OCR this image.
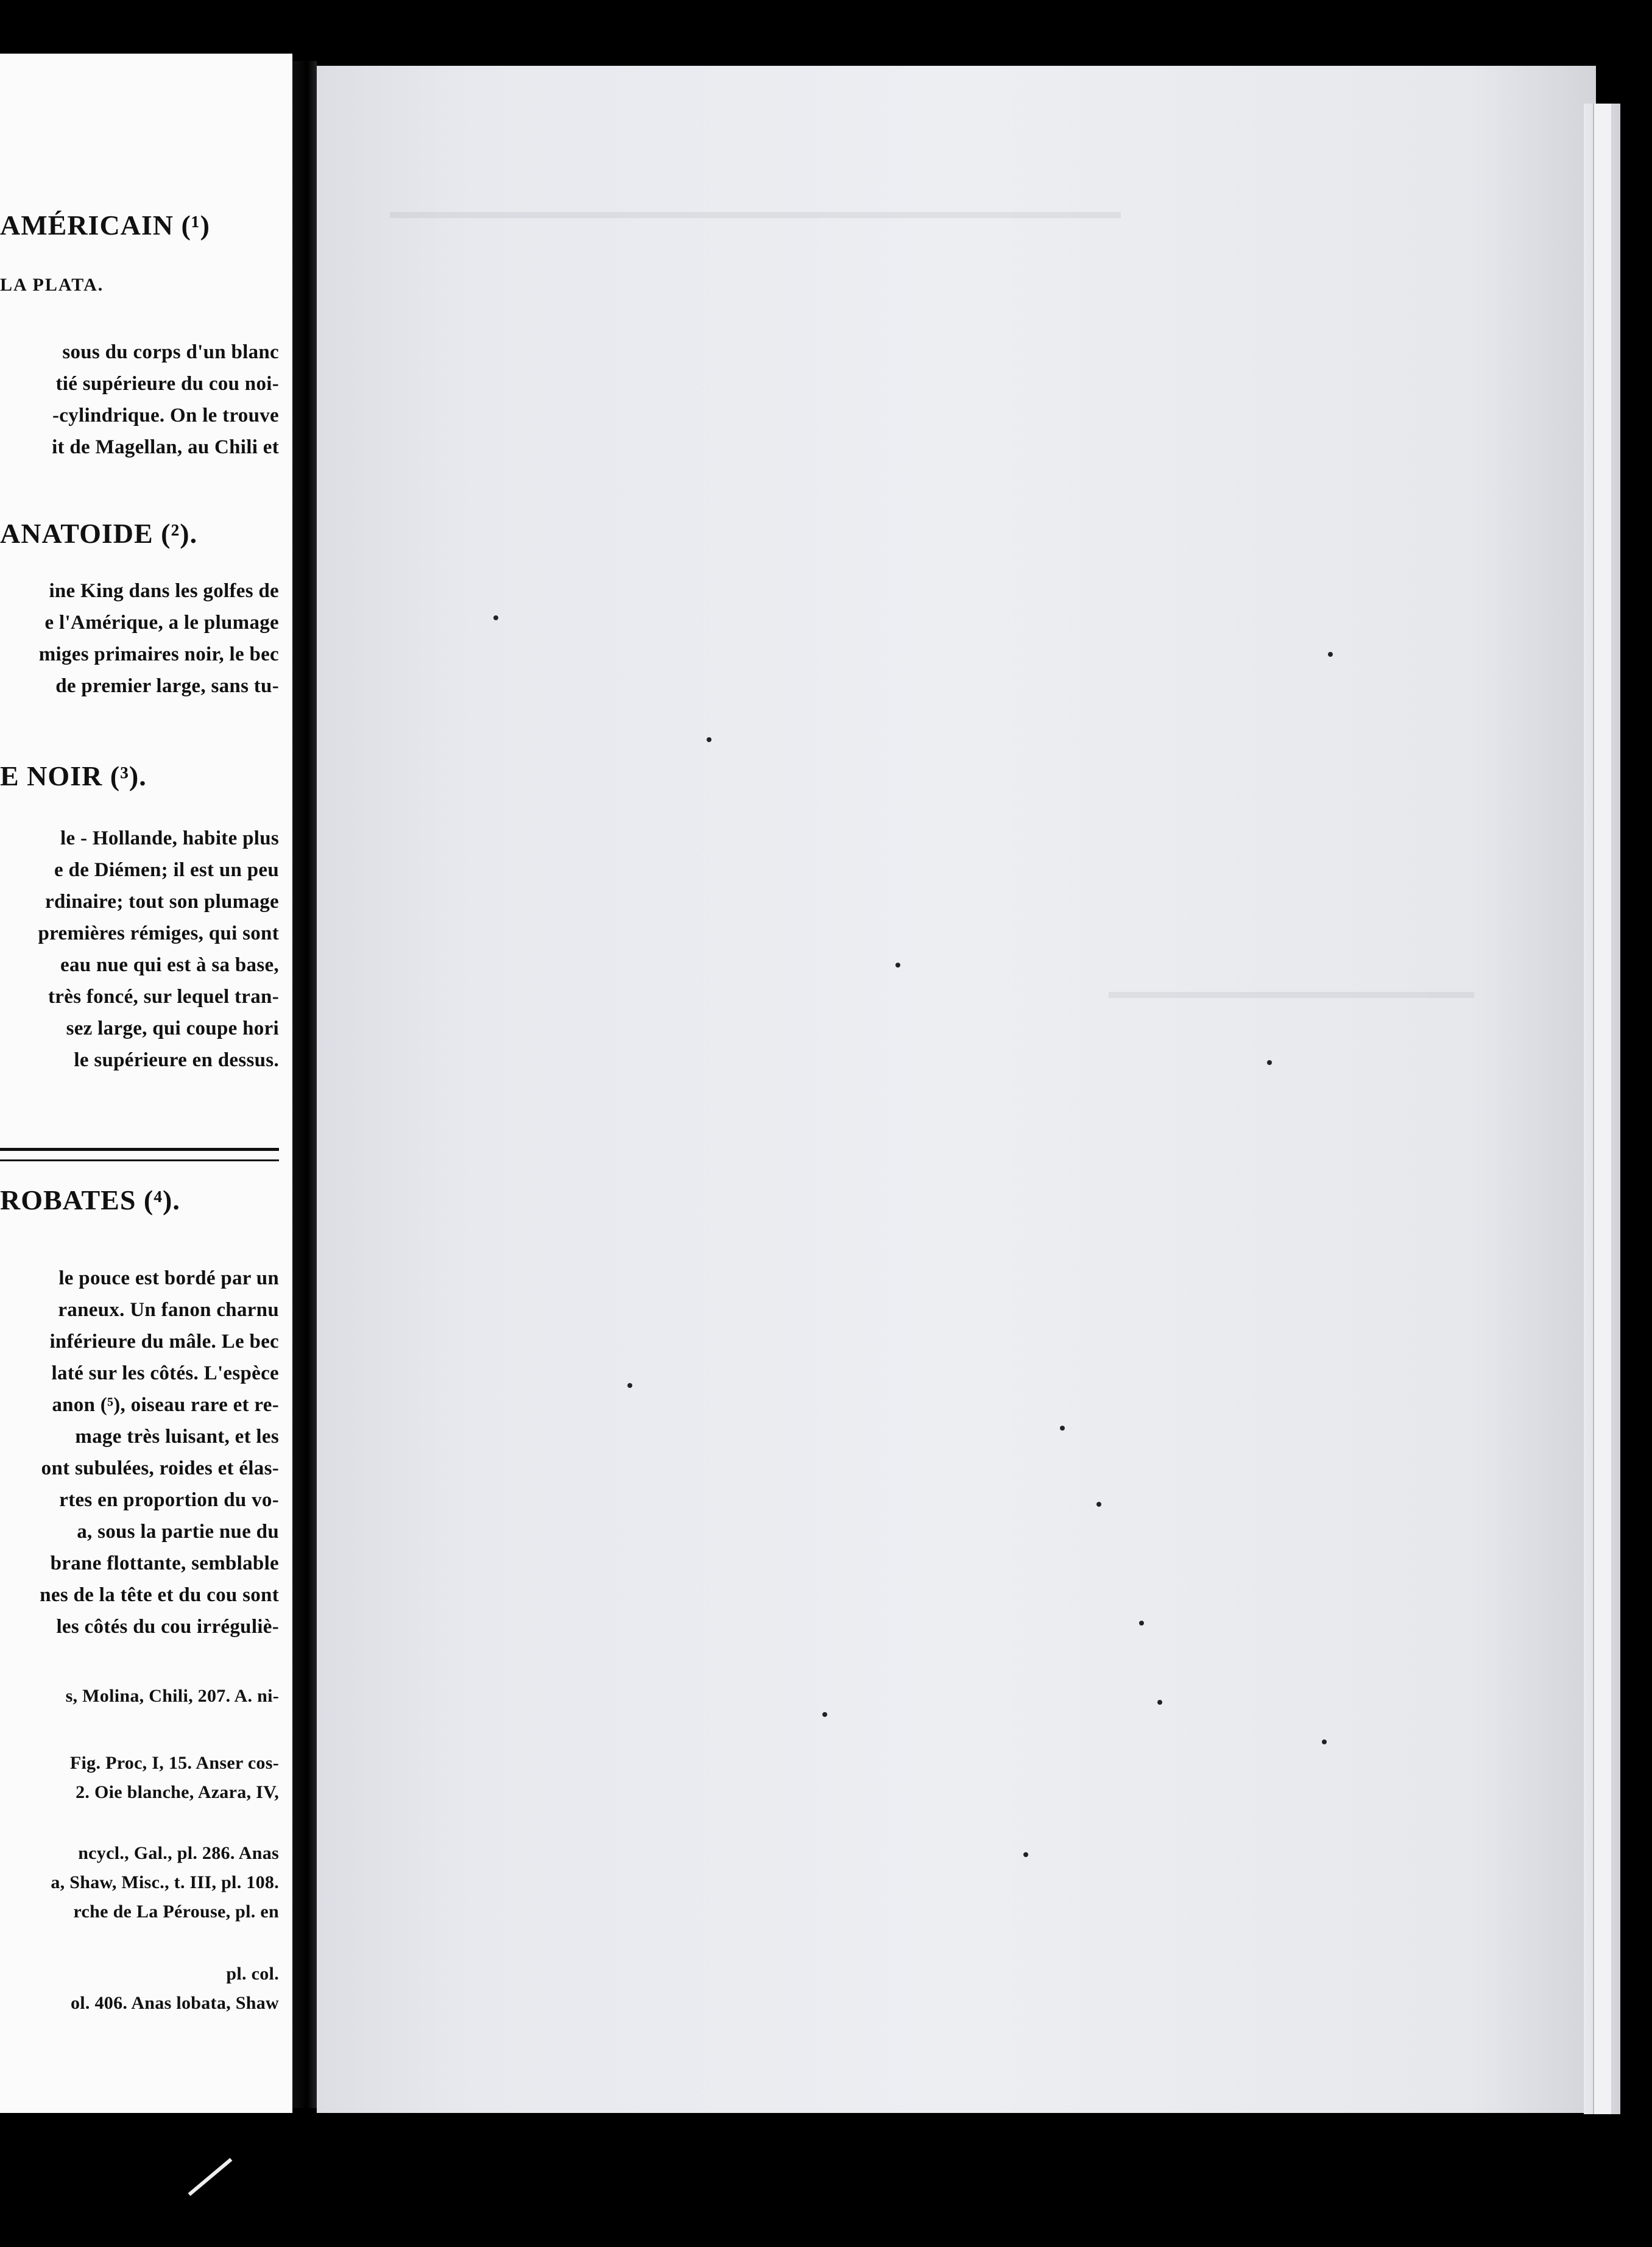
AMÉRICAIN (¹)
LA PLATA.
sous du corps d'un blanc
tié supérieure du cou noi-
-cylindrique. On le trouve
it de Magellan, au Chili et
ANATOIDE (²).
ine King dans les golfes de
e l'Amérique, a le plumage
miges primaires noir, le bec
de premier large, sans tu-
E NOIR (³).
le - Hollande, habite plus
e de Diémen; il est un peu
rdinaire; tout son plumage
premières rémiges, qui sont
eau nue qui est à sa base,
très foncé, sur lequel tran-
sez large, qui coupe hori
le supérieure en dessus.
ROBATES (⁴).
le pouce est bordé par un
raneux. Un fanon charnu
inférieure du mâle. Le bec
laté sur les côtés. L'espèce
anon (⁵), oiseau rare et re-
mage très luisant, et les
ont subulées, roides et élas-
rtes en proportion du vo-
a, sous la partie nue du
brane flottante, semblable
nes de la tête et du cou sont
les côtés du cou irréguliè-
s, Molina, Chili, 207. A. ni-
Fig. Proc, I, 15. Anser cos-
2. Oie blanche, Azara, IV,
ncycl., Gal., pl. 286. Anas
a, Shaw, Misc., t. III, pl. 108.
rche de La Pérouse, pl. en
pl. col.
ol. 406. Anas lobata, Shaw
